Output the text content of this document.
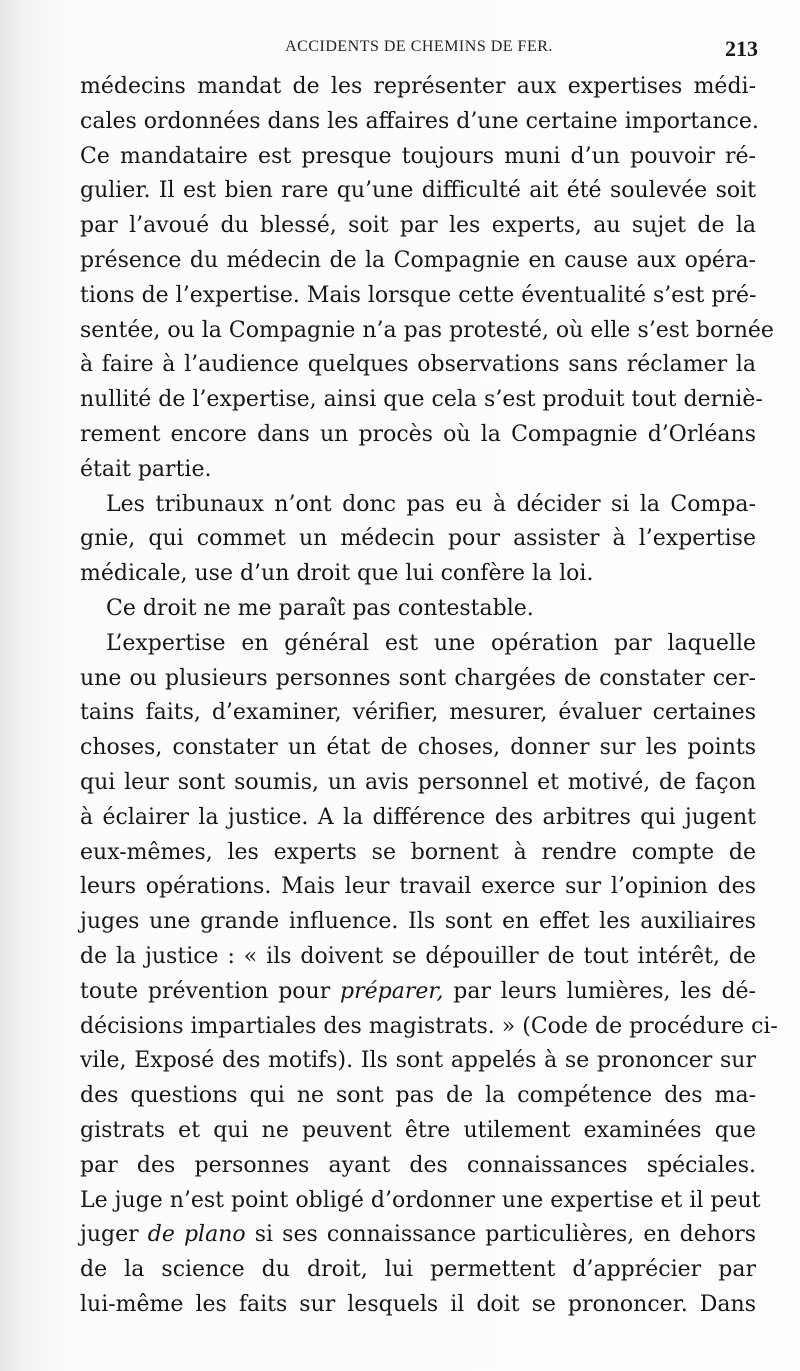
ACCIDENTS DE CHEMINS DE FER.	213
médecins mandat de les représenter aux expertises médi-
cales ordonnées dans les affaires d’une certaine importance.
Ce mandataire est presque toujours muni d’un pouvoir ré-
gulier. Il est bien rare qu’une difficulté ait été soulevée soit
par l’avoué du blessé, soit par les experts, au sujet de la
présence du médecin de la Compagnie en cause aux opéra-
tions de l’expertise. Mais lorsque cette éventualité s’est pré-
sentée, ou la Compagnie n’a pas protesté, où elle s’est bornée
à faire à l’audience quelques observations sans réclamer la
nullité de l’expertise, ainsi que cela s’est produit tout derniè-
rement encore dans un procès où la Compagnie d’Orléans
était partie.
Les tribunaux n’ont donc pas eu à décider si la Compa-
gnie, qui commet un médecin pour assister à l’expertise
médicale, use d’un droit que lui confère la loi.
Ce droit ne me paraît pas contestable.
L’expertise en général est une opération par laquelle
une ou plusieurs personnes sont chargées de constater cer-
tains faits, d’examiner, vérifier, mesurer, évaluer certaines
choses, constater un état de choses, donner sur les points
qui leur sont soumis, un avis personnel et motivé, de façon
à éclairer la justice. A la différence des arbitres qui jugent
eux-mêmes, les experts se bornent à rendre compte de
leurs opérations. Mais leur travail exerce sur l’opinion des
juges une grande influence. Ils sont en effet les auxiliaires
de la justice : « ils doivent se dépouiller de tout intérêt, de
toute prévention pour préparer, par leurs lumières, les dé-
décisions impartiales des magistrats. » (Code de procédure ci-
vile, Exposé des motifs). Ils sont appelés à se prononcer sur
des questions qui ne sont pas de la compétence des ma-
gistrats et qui ne peuvent être utilement examinées que
par des personnes ayant des connaissances spéciales.
Le juge n’est point obligé d’ordonner une expertise et il peut
juger de plano si ses connaissance particulières, en dehors
de la science du droit, lui permettent d’apprécier par
lui-même les faits sur lesquels il doit se prononcer. Dans
